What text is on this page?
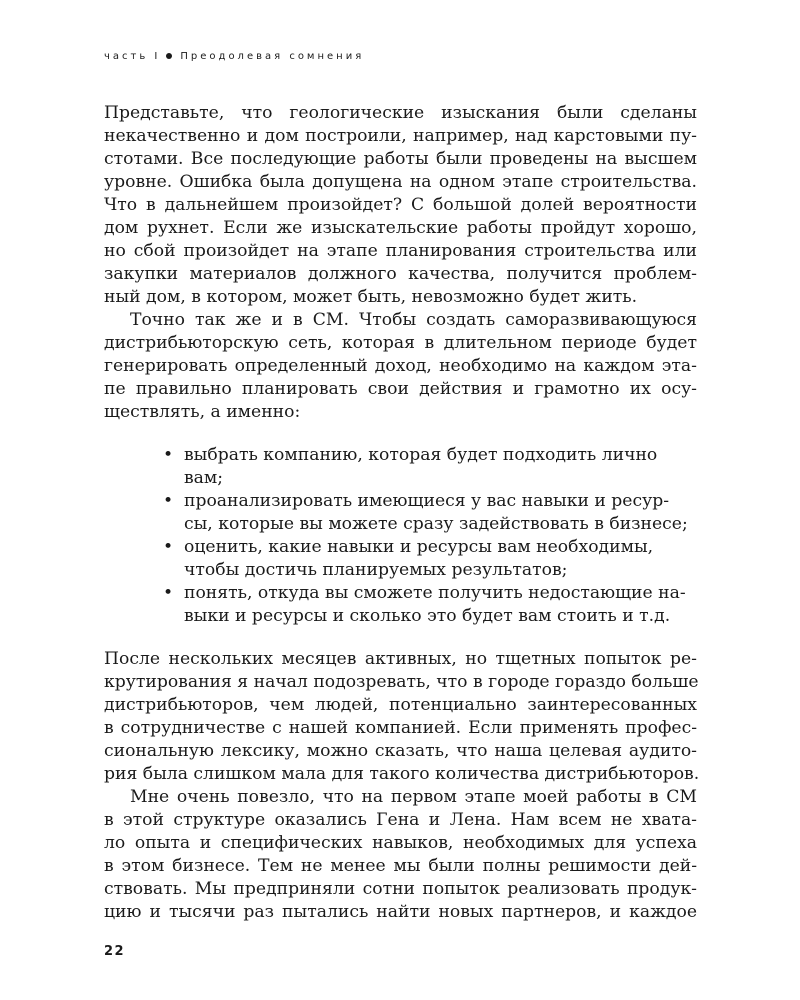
часть I Преодолевая сомнения
Представьте, что геологические изыскания были сделаны
некачественно и дом построили, например, над карстовыми пу-
стотами. Все последующие работы были проведены на высшем
уровне. Ошибка была допущена на одном этапе строительства.
Что в дальнейшем произойдет? С большой долей вероятности
дом рухнет. Если же изыскательские работы пройдут хорошо,
но сбой произойдет на этапе планирования строительства или
закупки материалов должного качества, получится проблем-
ный дом, в котором, может быть, невозможно будет жить.
Точно так же и в СМ. Чтобы создать саморазвивающуюся
дистрибьюторскую сеть, которая в длительном периоде будет
генерировать определенный доход, необходимо на каждом эта-
пе правильно планировать свои действия и грамотно их осу-
ществлять, а именно:
• выбрать компанию, которая будет подходить лично
вам;
• проанализировать имеющиеся у вас навыки и ресур-
сы, которые вы можете сразу задействовать в бизнесе;
• оценить, какие навыки и ресурсы вам необходимы,
чтобы достичь планируемых результатов;
• понять, откуда вы сможете получить недостающие на-
выки и ресурсы и сколько это будет вам стоить и т.д.
После нескольких месяцев активных, но тщетных попыток ре-
крутирования я начал подозревать, что в городе гораздо больше
дистрибьюторов, чем людей, потенциально заинтересованных
в сотрудничестве с нашей компанией. Если применять профес-
сиональную лексику, можно сказать, что наша целевая аудито-
рия была слишком мала для такого количества дистрибьюторов.
Мне очень повезло, что на первом этапе моей работы в СМ
в этой структуре оказались Гена и Лена. Нам всем не хвата-
ло опыта и специфических навыков, необходимых для успеха
в этом бизнесе. Тем не менее мы были полны решимости дей-
ствовать. Мы предприняли сотни попыток реализовать продук-
цию и тысячи раз пытались найти новых партнеров, и каждое
22
